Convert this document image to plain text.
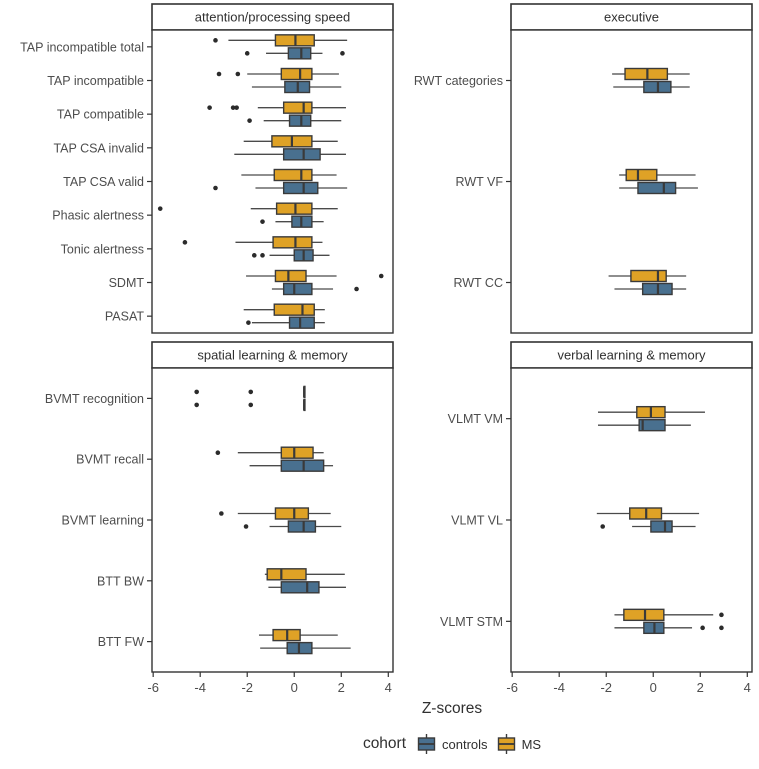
attention/processing speed
TAP incompatible total
TAP incompatible
TAP compatible
TAP CSA invalid
TAP CSA valid
Phasic alertness
Tonic alertness
SDMT
PASAT
executive
RWT categories
RWT VF
RWT CC
spatial learning & memory
BVMT recognition
BVMT recall
BVMT learning
BTT BW
BTT FW
-6	-4	-2	0	2	4
verbal learning & memory
VLMT VM
VLMT VL
VLMT STM
-6	-4	-2	0	2	4
Z-scores
cohort	controls	MS
